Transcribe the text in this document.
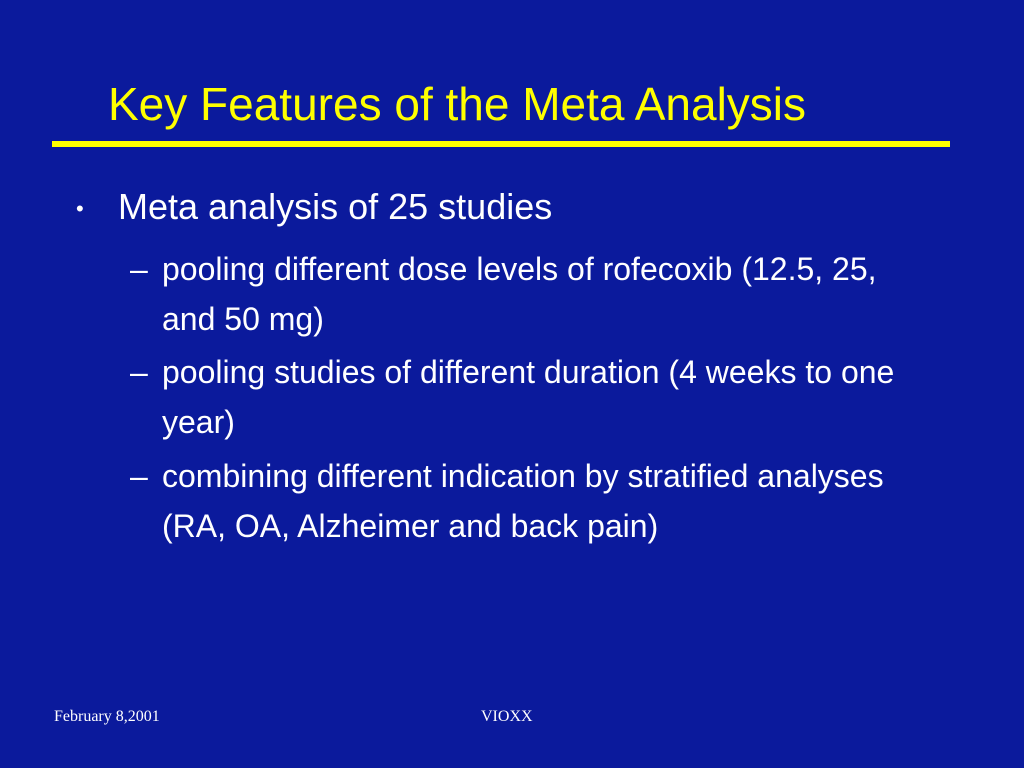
Key Features of the Meta Analysis
• Meta analysis of 25 studies
– pooling different dose levels of rofecoxib (12.5, 25, and 50 mg)
– pooling studies of different duration (4 weeks to one year)
– combining different indication by stratified analyses (RA, OA, Alzheimer and back pain)
February 8,2001	VIOXX
